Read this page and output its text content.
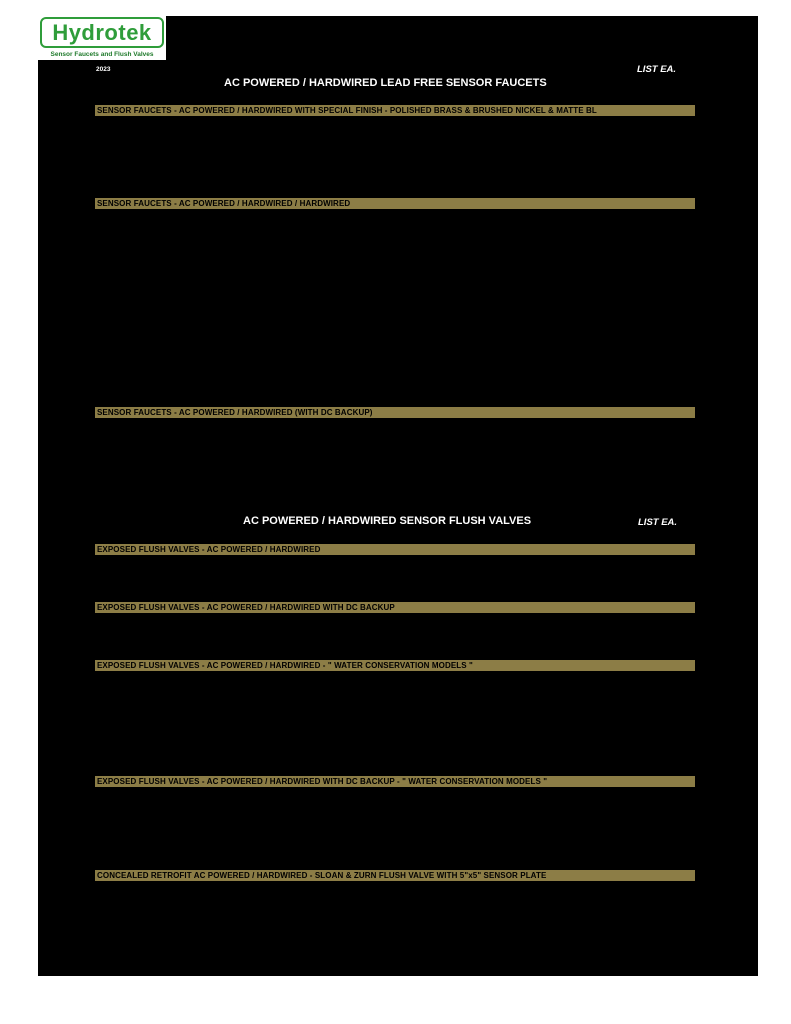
Hydrotek
Sensor Faucets and Flush Valves
2023	LIST EA.
AC POWERED / HARDWIRED LEAD FREE SENSOR FAUCETS
SENSOR FAUCETS - AC POWERED / HARDWIRED WITH SPECIAL FINISH - POLISHED BRASS & BRUSHED NICKEL & MATTE BL
SENSOR FAUCETS - AC POWERED / HARDWIRED / HARDWIRED
SENSOR FAUCETS - AC POWERED / HARDWIRED (WITH DC BACKUP)
AC POWERED / HARDWIRED SENSOR FLUSH VALVES	LIST EA.
EXPOSED FLUSH VALVES - AC POWERED / HARDWIRED
EXPOSED FLUSH VALVES - AC POWERED / HARDWIRED WITH DC BACKUP
EXPOSED FLUSH VALVES - AC POWERED / HARDWIRED - " WATER CONSERVATION MODELS "
EXPOSED FLUSH VALVES - AC POWERED / HARDWIRED WITH DC BACKUP - " WATER CONSERVATION MODELS "
CONCEALED RETROFIT AC POWERED / HARDWIRED - SLOAN & ZURN FLUSH VALVE WITH 5"x5" SENSOR PLATE
